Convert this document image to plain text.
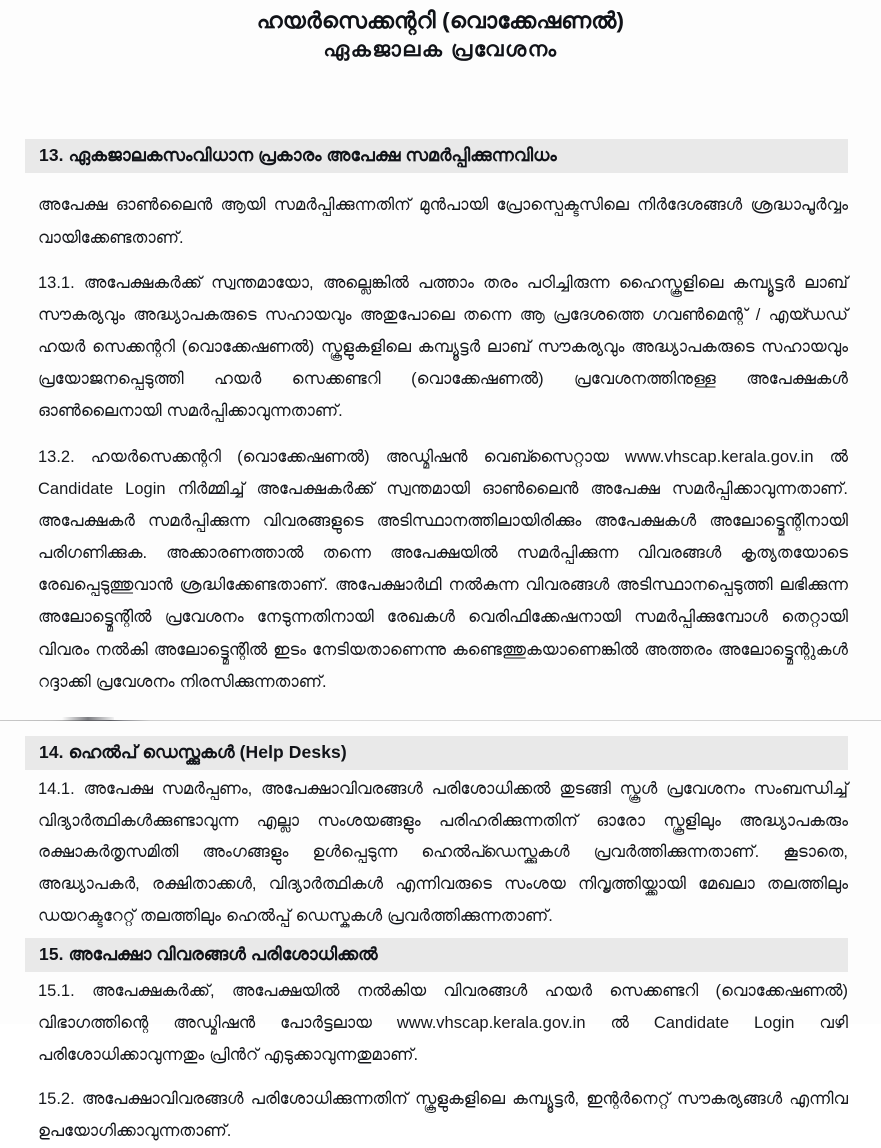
ഹയർസെക്കന്ററി (വൊക്കേഷണൽ)
ഏകജാലക പ്രവേശനം
13. ഏകജാലകസംവിധാന പ്രകാരം അപേക്ഷ സമർപ്പിക്കുന്നവിധം

അപേക്ഷ ഓൺലൈൻ ആയി സമർപ്പിക്കുന്നതിന് മുൻപായി പ്രോസ്പെക്ടസിലെ നിർദേശങ്ങൾ ശ്രദ്ധാപൂർവ്വം വായിക്കേണ്ടതാണ്.

13.1. അപേക്ഷകർക്ക് സ്വന്തമായോ, അല്ലെങ്കിൽ പത്താം തരം പഠിച്ചിരുന്ന ഹൈസ്കൂളിലെ കമ്പ്യൂട്ടർ ലാബ് സൗകര്യവും അദ്ധ്യാപകരുടെ സഹായവും അതുപോലെ തന്നെ ആ പ്രദേശത്തെ ഗവൺമെന്റ് / എയ്ഡഡ് ഹയർ സെക്കന്ററി (വൊക്കേഷണൽ) സ്കൂളുകളിലെ കമ്പ്യൂട്ടർ ലാബ് സൗകര്യവും അദ്ധ്യാപകരുടെ സഹായവും പ്രയോജനപ്പെടുത്തി ഹയർ സെക്കണ്ടറി (വൊക്കേഷണൽ) പ്രവേശനത്തിനുള്ള അപേക്ഷകൾ ഓൺലൈനായി സമർപ്പിക്കാവുന്നതാണ്.

13.2. ഹയർസെക്കന്ററി (വൊക്കേഷണൽ) അഡ്മിഷൻ വെബ്സൈറ്റായ www.vhscap.kerala.gov.in ൽ Candidate Login നിർമ്മിച്ച് അപേക്ഷകർക്ക് സ്വന്തമായി ഓൺലൈൻ അപേക്ഷ സമർപ്പിക്കാവുന്നതാണ്. അപേക്ഷകർ സമർപ്പിക്കുന്ന വിവരങ്ങളുടെ അടിസ്ഥാനത്തിലായിരിക്കും അപേക്ഷകൾ അലോട്ട്മെന്റിനായി പരിഗണിക്കുക. അക്കാരണത്താൽ തന്നെ അപേക്ഷയിൽ സമർപ്പിക്കുന്ന വിവരങ്ങൾ കൃത്യതയോടെ രേഖപ്പെടുത്തുവാൻ ശ്രദ്ധിക്കേണ്ടതാണ്. അപേക്ഷാർഥി നൽകുന്ന വിവരങ്ങൾ അടിസ്ഥാനപ്പെടുത്തി ലഭിക്കുന്ന അലോട്ട്മെന്റിൽ പ്രവേശനം നേടുന്നതിനായി രേഖകൾ വെരിഫിക്കേഷനായി സമർപ്പിക്കുമ്പോൾ തെറ്റായി വിവരം നൽകി അലോട്ട്മെന്റിൽ ഇടം നേടിയതാണെന്നു കണ്ടെത്തുകയാണെങ്കിൽ അത്തരം അലോട്ട്മെന്റുകൾ റദ്ദാക്കി പ്രവേശനം നിരസിക്കുന്നതാണ്.

14. ഹെൽപ് ഡെസ്ക്കുകൾ (Help Desks)

14.1. അപേക്ഷ സമർപ്പണം, അപേക്ഷാവിവരങ്ങൾ പരിശോധിക്കൽ തുടങ്ങി സ്കൂൾ പ്രവേശനം സംബന്ധിച്ച് വിദ്യാർത്ഥികൾക്കുണ്ടാവുന്ന എല്ലാ സംശയങ്ങളും പരിഹരിക്കുന്നതിന് ഓരോ സ്കൂളിലും അദ്ധ്യാപകരും രക്ഷാകർതൃസമിതി അംഗങ്ങളും ഉൾപ്പെടുന്ന ഹെൽപ്ഡെസ്ക്കുകൾ പ്രവർത്തിക്കുന്നതാണ്. കൂടാതെ, അദ്ധ്യാപകർ, രക്ഷിതാക്കൾ, വിദ്യാർത്ഥികൾ എന്നിവരുടെ സംശയ നിവൃത്തിയ്ക്കായി മേഖലാ തലത്തിലും ഡയറക്ടറേറ്റ് തലത്തിലും ഹെൽപ്പ് ഡെസ്കുകൾ പ്രവർത്തിക്കുന്നതാണ്.

15. അപേക്ഷാ വിവരങ്ങൾ പരിശോധിക്കൽ

15.1. അപേക്ഷകർക്ക്, അപേക്ഷയിൽ നൽകിയ വിവരങ്ങൾ ഹയർ സെക്കണ്ടറി (വൊക്കേഷണൽ) വിഭാഗത്തിന്റെ അഡ്മിഷൻ പോർട്ടലായ www.vhscap.kerala.gov.in ൽ Candidate Login വഴി പരിശോധിക്കാവുന്നതും പ്രിൻറ് എടുക്കാവുന്നതുമാണ്.

15.2. അപേക്ഷാവിവരങ്ങൾ പരിശോധിക്കുന്നതിന് സ്കൂളുകളിലെ കമ്പ്യൂട്ടർ, ഇന്റർനെറ്റ് സൗകര്യങ്ങൾ എന്നിവ ഉപയോഗിക്കാവുന്നതാണ്.
